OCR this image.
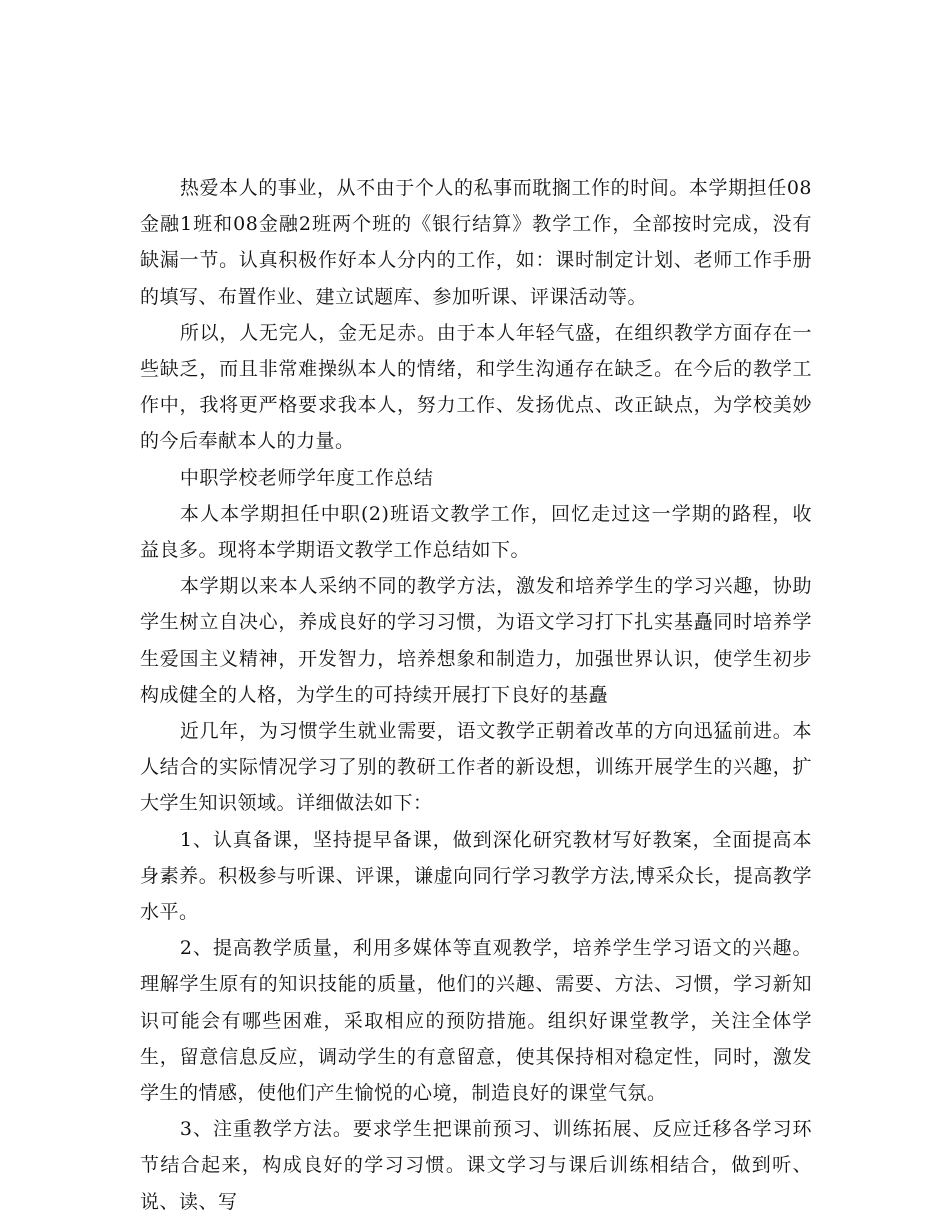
热爱本人的事业，从不由于个人的私事而耽搁工作的时间。本学期担任08金融1班和08金融2班两个班的《银行结算》教学工作，全部按时完成，没有缺漏一节。认真积极作好本人分内的工作，如：课时制定计划、老师工作手册的填写、布置作业、建立试题库、参加听课、评课活动等。

所以，人无完人，金无足赤。由于本人年轻气盛，在组织教学方面存在一些缺乏，而且非常难操纵本人的情绪，和学生沟通存在缺乏。在今后的教学工作中，我将更严格要求我本人，努力工作、发扬优点、改正缺点，为学校美妙的今后奉献本人的力量。

中职学校老师学年度工作总结

本人本学期担任中职(2)班语文教学工作，回忆走过这一学期的路程，收益良多。现将本学期语文教学工作总结如下。

本学期以来本人采纳不同的教学方法，激发和培养学生的学习兴趣，协助学生树立自决心，养成良好的学习习惯，为语文学习打下扎实基矗同时培养学生爱国主义精神，开发智力，培养想象和制造力，加强世界认识，使学生初步构成健全的人格，为学生的可持续开展打下良好的基矗

近几年，为习惯学生就业需要，语文教学正朝着改革的方向迅猛前进。本人结合的实际情况学习了别的教研工作者的新设想，训练开展学生的兴趣，扩大学生知识领域。详细做法如下：

1、认真备课，坚持提早备课，做到深化研究教材写好教案，全面提高本身素养。积极参与听课、评课，谦虚向同行学习教学方法,博采众长，提高教学水平。

2、提高教学质量，利用多媒体等直观教学，培养学生学习语文的兴趣。理解学生原有的知识技能的质量，他们的兴趣、需要、方法、习惯，学习新知识可能会有哪些困难，采取相应的预防措施。组织好课堂教学，关注全体学生，留意信息反应，调动学生的有意留意，使其保持相对稳定性，同时，激发学生的情感，使他们产生愉悦的心境，制造良好的课堂气氛。

3、注重教学方法。要求学生把课前预习、训练拓展、反应迁移各学习环节结合起来，构成良好的学习习惯。课文学习与课后训练相结合，做到听、说、读、写
